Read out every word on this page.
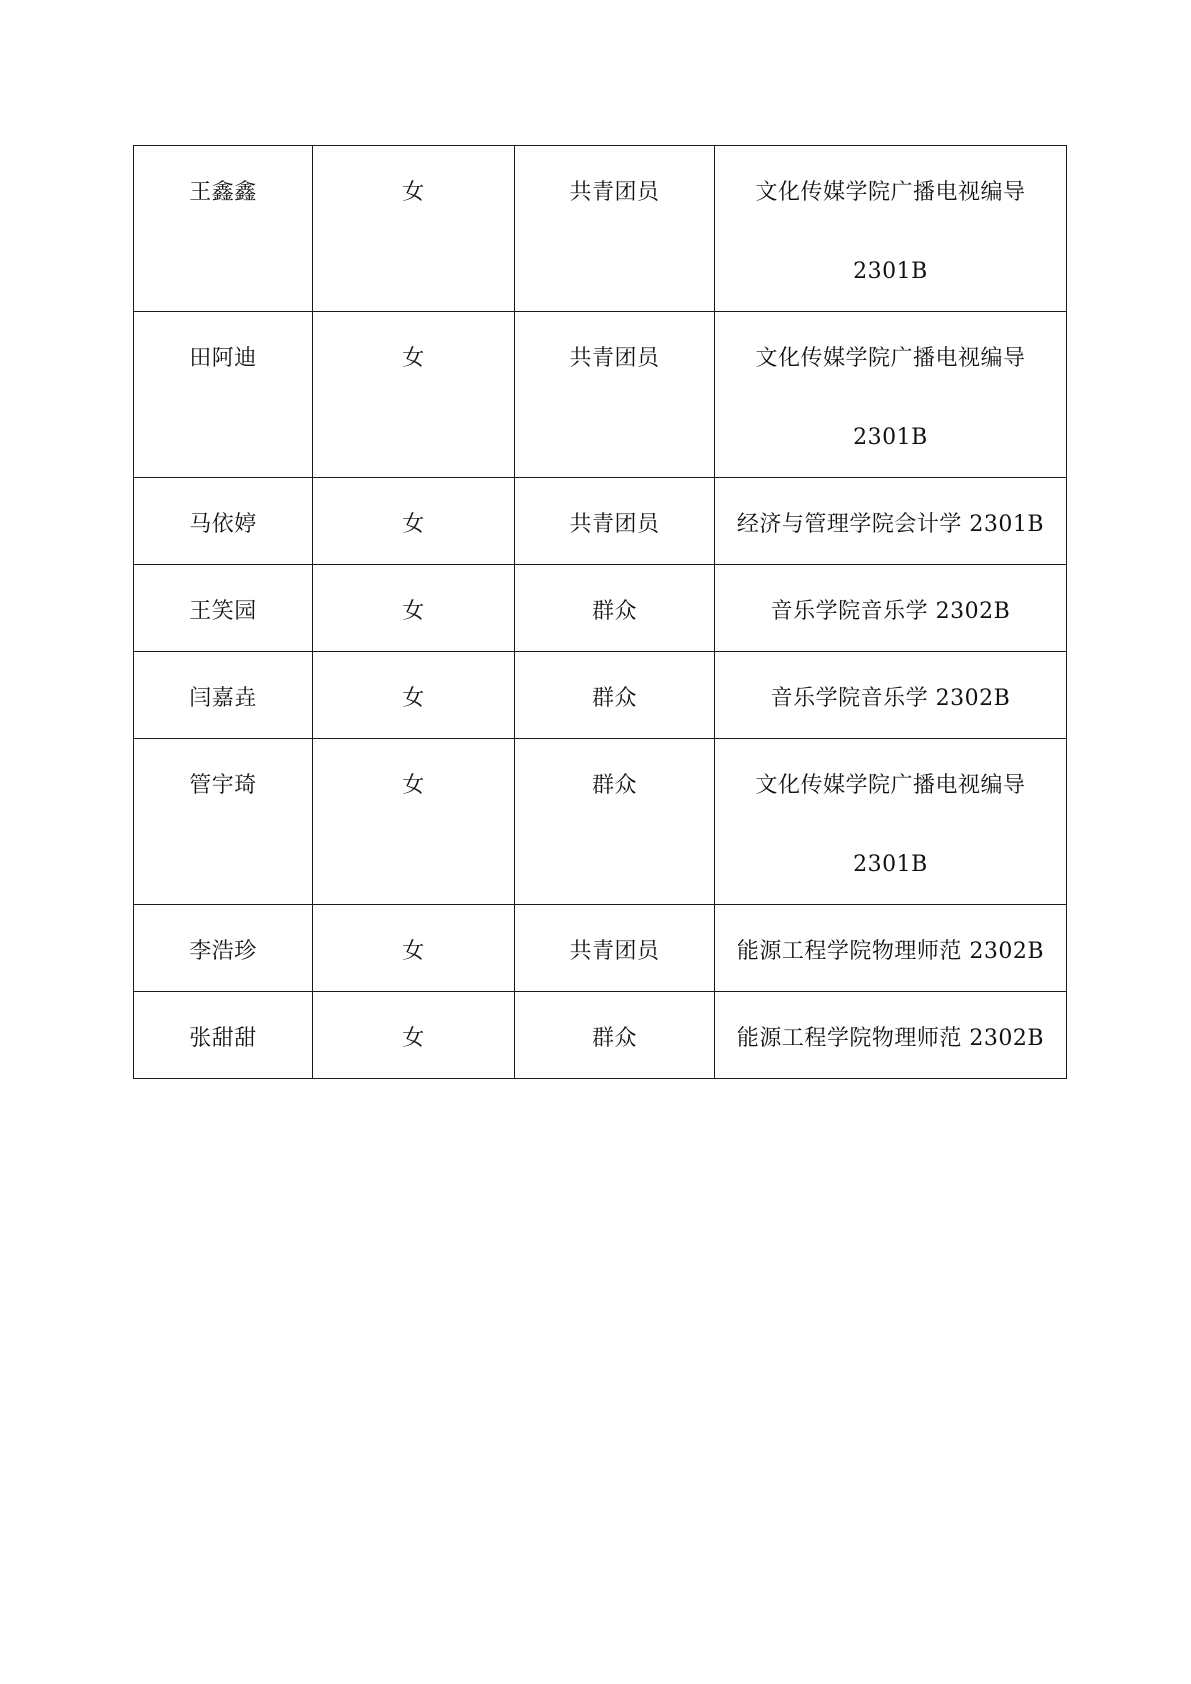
王鑫鑫	女	共青团员	文化传媒学院广播电视编导
2301B

田阿迪	女	共青团员	文化传媒学院广播电视编导
2301B

马依婷	女	共青团员	经济与管理学院会计学 2301B

王笑园	女	群众	音乐学院音乐学 2302B

闫嘉垚	女	群众	音乐学院音乐学 2302B

管宇琦	女	群众	文化传媒学院广播电视编导
2301B

李浩珍	女	共青团员	能源工程学院物理师范 2302B

张甜甜	女	群众	能源工程学院物理师范 2302B
